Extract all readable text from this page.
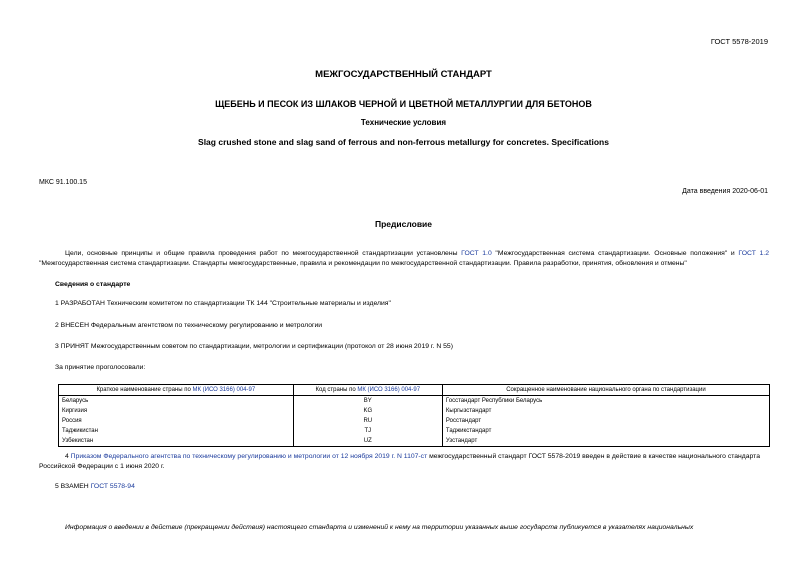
ГОСТ 5578-2019
МЕЖГОСУДАРСТВЕННЫЙ СТАНДАРТ
ЩЕБЕНЬ И ПЕСОК ИЗ ШЛАКОВ ЧЕРНОЙ И ЦВЕТНОЙ МЕТАЛЛУРГИИ ДЛЯ БЕТОНОВ
Технические условия
Slag crushed stone and slag sand of ferrous and non-ferrous metallurgy for concretes. Specifications
МКС 91.100.15
Дата введения 2020-06-01
Предисловие
Цели, основные принципы и общие правила проведения работ по межгосударственной стандартизации установлены ГОСТ 1.0 "Межгосударственная система стандартизации. Основные положения" и ГОСТ 1.2 "Межгосударственная система стандартизации. Стандарты межгосударственные, правила и рекомендации по межгосударственной стандартизации. Правила разработки, принятия, обновления и отмены"
Сведения о стандарте
1 РАЗРАБОТАН Техническим комитетом по стандартизации ТК 144 "Строительные материалы и изделия"
2 ВНЕСЕН Федеральным агентством по техническому регулированию и метрологии
3 ПРИНЯТ Межгосударственным советом по стандартизации, метрологии и сертификации (протокол от 28 июня 2019 г. N 55)
За принятие проголосовали:
Краткое наименование страны по МК (ИСО 3166) 004-97	Код страны по МК (ИСО 3166) 004-97	Сокращенное наименование национального органа по стандартизации
Беларусь	BY	Госстандарт Республики Беларусь
Киргизия	KG	Кыргызстандарт
Россия	RU	Росстандарт
Таджикистан	TJ	Таджикстандарт
Узбекистан	UZ	Узстандарт
4 Приказом Федерального агентства по техническому регулированию и метрологии от 12 ноября 2019 г. N 1107-ст межгосударственный стандарт ГОСТ 5578-2019 введен в действие в качестве национального стандарта Российской Федерации с 1 июня 2020 г.
5 ВЗАМЕН ГОСТ 5578-94
Информация о введении в действие (прекращении действия) настоящего стандарта и изменений к нему на территории указанных выше государств публикуется в указателях национальных
